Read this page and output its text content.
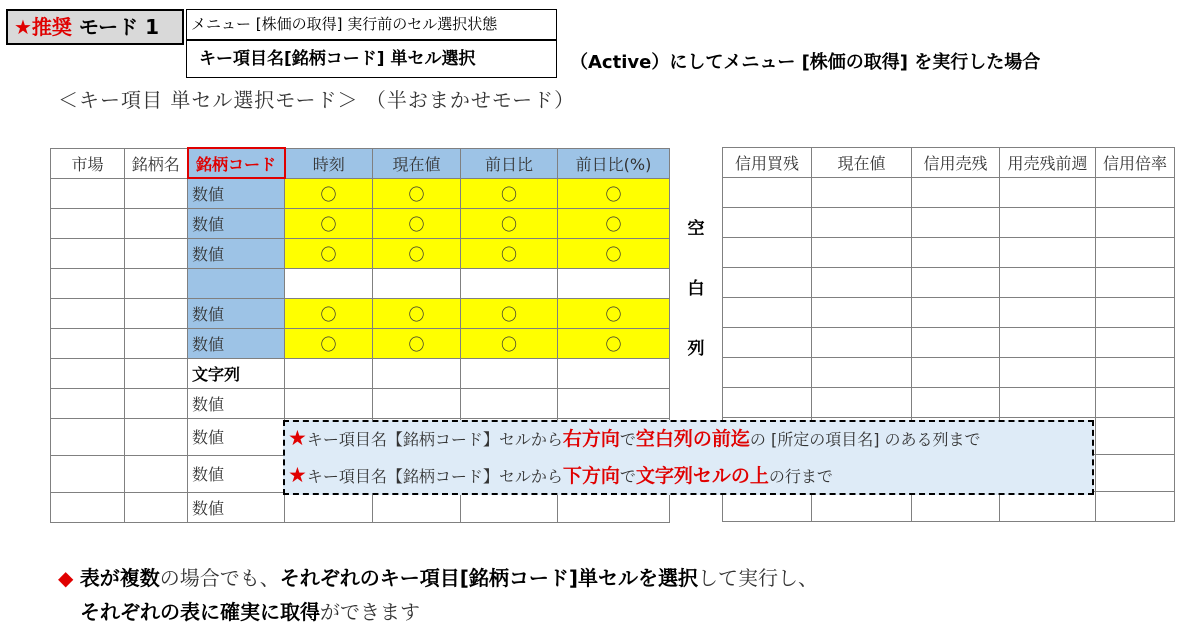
★推奨 モード 1	メニュー [株価の取得] 実行前のセル選択状態
キー項目名[銘柄コード] 単セル選択	（Active）にしてメニュー [株価の取得] を実行した場合
＜キー項目 単セル選択モード＞ （半おまかせモード）
市場	銘柄名	銘柄コード	時刻	現在値	前日比	前日比(%)
		数値	〇	〇	〇	〇
		数値	〇	〇	〇	〇
		数値	〇	〇	〇	〇

		数値	〇	〇	〇	〇
		数値	〇	〇	〇	〇
		文字列				
		数値				
		数値				
		数値				
		数値				
空
白
列
信用買残	現在値	信用売残	用売残前週	信用倍率

★キー項目名【銘柄コード】セルから右方向で空白列の前迄の [所定の項目名] のある列まで
★キー項目名【銘柄コード】セルから下方向で文字列セルの上の行まで
◆ 表が複数の場合でも、それぞれのキー項目[銘柄コード]単セルを選択して実行し、
それぞれの表に確実に取得ができます
